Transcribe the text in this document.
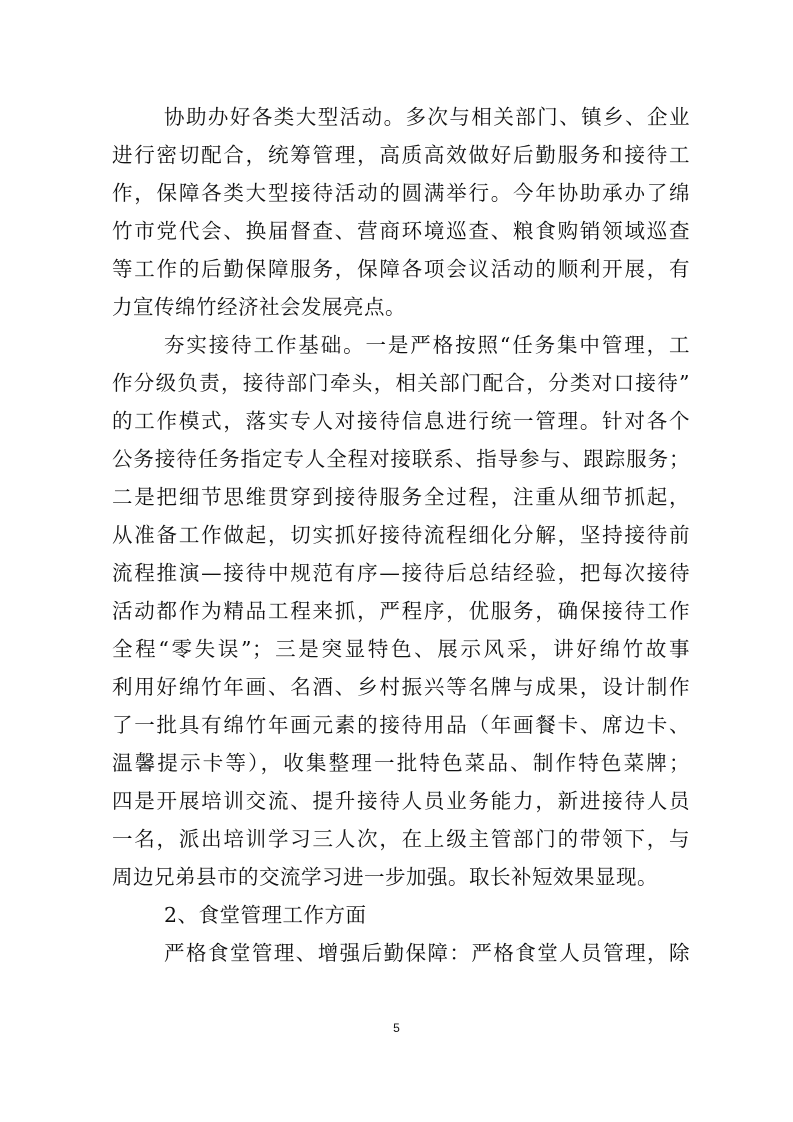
协助办好各类大型活动。多次与相关部门、镇乡、企业
进行密切配合，统筹管理，高质高效做好后勤服务和接待工
作，保障各类大型接待活动的圆满举行。今年协助承办了绵
竹市党代会、换届督查、营商环境巡查、粮食购销领域巡查
等工作的后勤保障服务，保障各项会议活动的顺利开展，有
力宣传绵竹经济社会发展亮点。
夯实接待工作基础。一是严格按照“任务集中管理，工
作分级负责，接待部门牵头，相关部门配合，分类对口接待”
的工作模式，落实专人对接待信息进行统一管理。针对各个
公务接待任务指定专人全程对接联系、指导参与、跟踪服务；
二是把细节思维贯穿到接待服务全过程，注重从细节抓起，
从准备工作做起，切实抓好接待流程细化分解，坚持接待前
流程推演—接待中规范有序—接待后总结经验，把每次接待
活动都作为精品工程来抓，严程序，优服务，确保接待工作
全程“零失误”；三是突显特色、展示风采，讲好绵竹故事
利用好绵竹年画、名酒、乡村振兴等名牌与成果，设计制作
了一批具有绵竹年画元素的接待用品（年画餐卡、席边卡、
温馨提示卡等），收集整理一批特色菜品、制作特色菜牌；
四是开展培训交流、提升接待人员业务能力，新进接待人员
一名，派出培训学习三人次，在上级主管部门的带领下，与
周边兄弟县市的交流学习进一步加强。取长补短效果显现。
2、食堂管理工作方面
严格食堂管理、增强后勤保障：严格食堂人员管理，除
5
